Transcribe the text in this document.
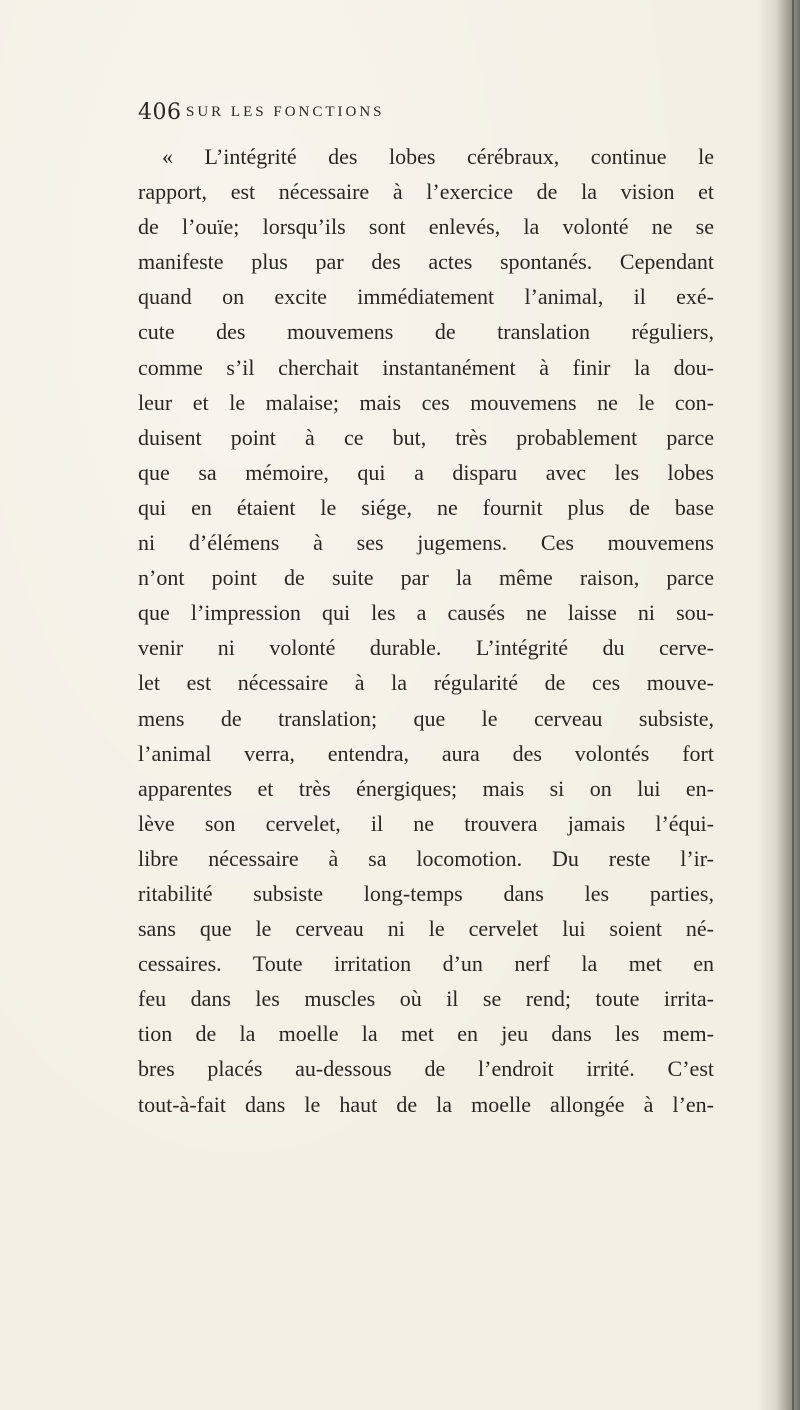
406 SUR LES FONCTIONS
« L’intégrité des lobes cérébraux, continue le
rapport, est nécessaire à l’exercice de la vision et
de l’ouïe; lorsqu’ils sont enlevés, la volonté ne se
manifeste plus par des actes spontanés. Cependant
quand on excite immédiatement l’animal, il exé-
cute des mouvemens de translation réguliers,
comme s’il cherchait instantanément à finir la dou-
leur et le malaise; mais ces mouvemens ne le con-
duisent point à ce but, très probablement parce
que sa mémoire, qui a disparu avec les lobes
qui en étaient le siége, ne fournit plus de base
ni d’élémens à ses jugemens. Ces mouvemens
n’ont point de suite par la même raison, parce
que l’impression qui les a causés ne laisse ni sou-
venir ni volonté durable. L’intégrité du cerve-
let est nécessaire à la régularité de ces mouve-
mens de translation; que le cerveau subsiste,
l’animal verra, entendra, aura des volontés fort
apparentes et très énergiques; mais si on lui en-
lève son cervelet, il ne trouvera jamais l’équi-
libre nécessaire à sa locomotion. Du reste l’ir-
ritabilité subsiste long-temps dans les parties,
sans que le cerveau ni le cervelet lui soient né-
cessaires. Toute irritation d’un nerf la met en
feu dans les muscles où il se rend; toute irrita-
tion de la moelle la met en jeu dans les mem-
bres placés au-dessous de l’endroit irrité. C’est
tout-à-fait dans le haut de la moelle allongée à l’en-
